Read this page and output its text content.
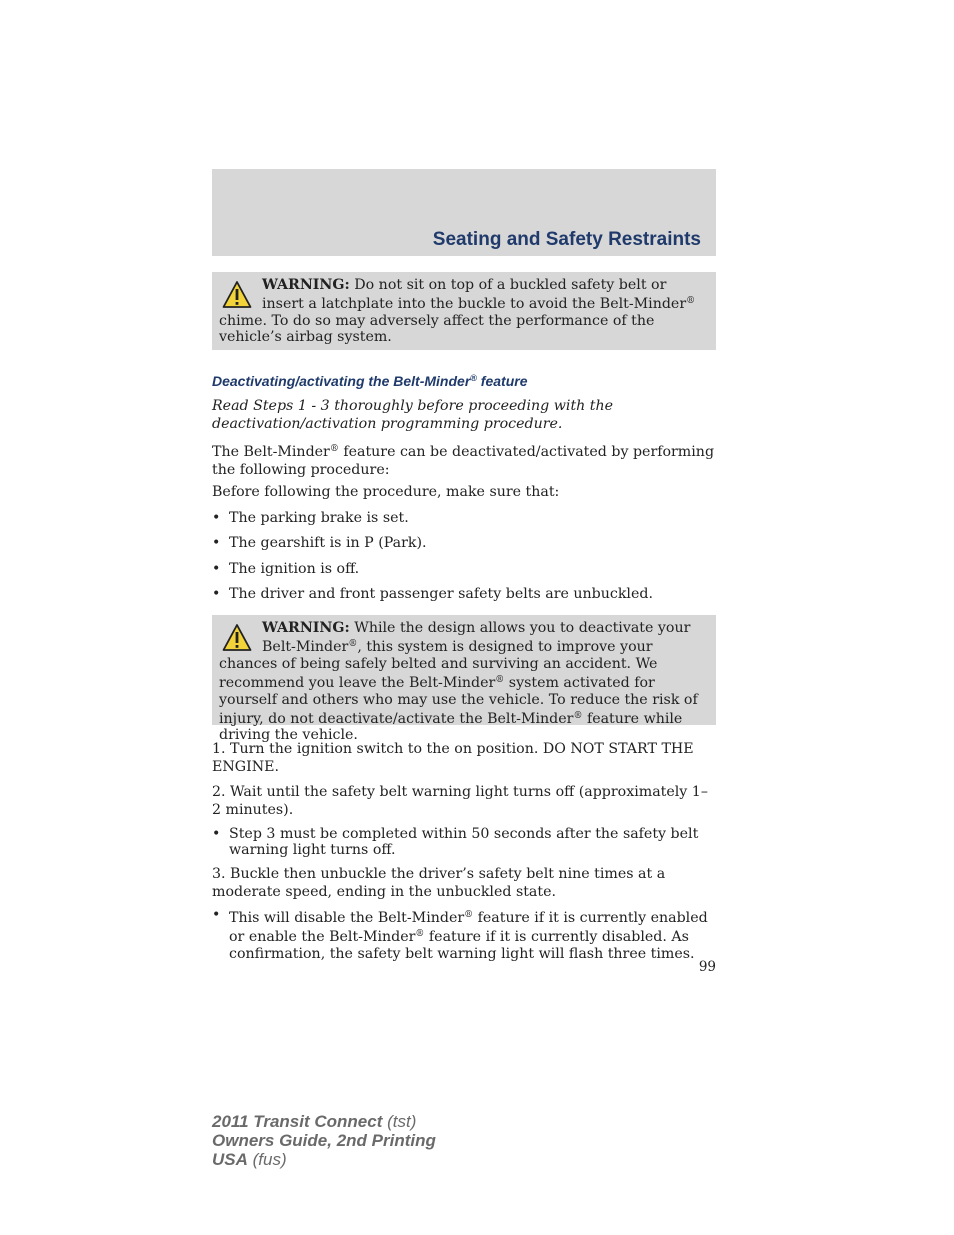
Seating and Safety Restraints
WARNING: Do not sit on top of a buckled safety belt or insert a latchplate into the buckle to avoid the Belt-Minder® chime. To do so may adversely affect the performance of the vehicle’s airbag system.
Deactivating/activating the Belt-Minder® feature
Read Steps 1 - 3 thoroughly before proceeding with the deactivation/activation programming procedure.
The Belt-Minder® feature can be deactivated/activated by performing the following procedure:
Before following the procedure, make sure that:
• The parking brake is set.
• The gearshift is in P (Park).
• The ignition is off.
• The driver and front passenger safety belts are unbuckled.
WARNING: While the design allows you to deactivate your Belt-Minder®, this system is designed to improve your chances of being safely belted and surviving an accident. We recommend you leave the Belt-Minder® system activated for yourself and others who may use the vehicle. To reduce the risk of injury, do not deactivate/activate the Belt-Minder® feature while driving the vehicle.
1. Turn the ignition switch to the on position. DO NOT START THE ENGINE.
2. Wait until the safety belt warning light turns off (approximately 1–2 minutes).
• Step 3 must be completed within 50 seconds after the safety belt warning light turns off.
3. Buckle then unbuckle the driver’s safety belt nine times at a moderate speed, ending in the unbuckled state.
• This will disable the Belt-Minder® feature if it is currently enabled or enable the Belt-Minder® feature if it is currently disabled. As confirmation, the safety belt warning light will flash three times.
99
2011 Transit Connect (tst)
Owners Guide, 2nd Printing
USA (fus)
